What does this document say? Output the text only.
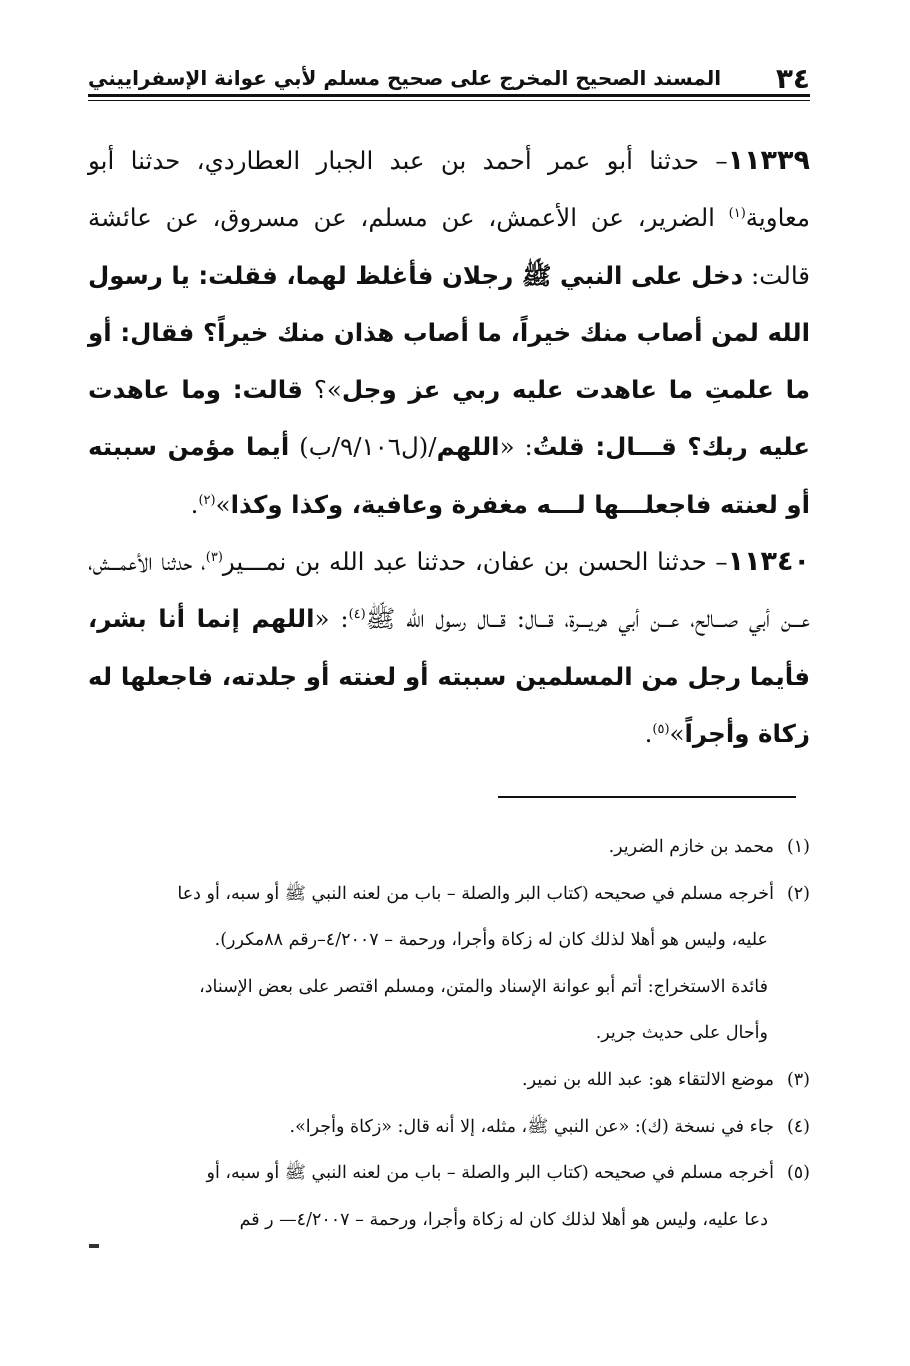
٣٤
المسند الصحيح المخرج على صحيح مسلم لأبي عوانة الإسفراييني

١١٣٣٩– حدثنا أبو عمر أحمد بن عبد الجبار العطاردي، حدثنا أبو معاوية$^{(١)}$ الضرير، عن الأعمش، عن مسلم، عن مسروق، عن عائشة قالت: دخل على النبي ﷺ رجلان فأغلظ لهما، فقلت: يا رسول الله لمن أصاب منك خيراً، ما أصاب هذان منك خيراً؟ فقال: أو ما علمتِ ما عاهدت عليه ربي عز وجل»؟ قالت: وما عاهدت عليه ربك؟ قـــال: قلتُ: «اللهم/(ل٩/١٠٦/ب) أيما مؤمن سببته أو لعنته فاجعلـــها لـــه مغفرة وعافية، وكذا وكذا»$^{(٢)}$.

١١٣٤٠– حدثنا الحسن بن عفان، حدثنا عبد الله بن نمـــير$^{(٣)}$، حدثنا الأعمـــش، عـــن أبي صـــالح، عـــن أبي هريـــرة، قـــال: قـــال رسول الله ﷺ$^{(٤)}$: «اللهم إنما أنا بشر، فأيما رجل من المسلمين سببته أو لعنته أو جلدته، فاجعلها له زكاة وأجراً»$^{(٥)}$.

(١)محمد بن خازم الضرير.

(٢)أخرجه مسلم في صحيحه (كتاب البر والصلة – باب من لعنه النبي ﷺ أو سبه، أو دعا

عليه، وليس هو أهلا لذلك كان له زكاة وأجرا، ورحمة – ٤/٢٠٠٧–رقم ٨٨مكرر).

فائدة الاستخراج: أتم أبو عوانة الإسناد والمتن، ومسلم اقتصر على بعض الإسناد،

وأحال على حديث جرير.

(٣)موضع الالتقاء هو: عبد الله بن نمير.

(٤)جاء في نسخة (ك): «عن النبي ﷺ، مثله، إلا أنه قال: «زكاة وأجرا».

(٥)أخرجه مسلم في صحيحه (كتاب البر والصلة – باب من لعنه النبي ﷺ أو سبه، أو

دعا عليه، وليس هو أهلا لذلك كان له زكاة وأجرا، ورحمة – ٤/٢٠٠٧— ر قم
